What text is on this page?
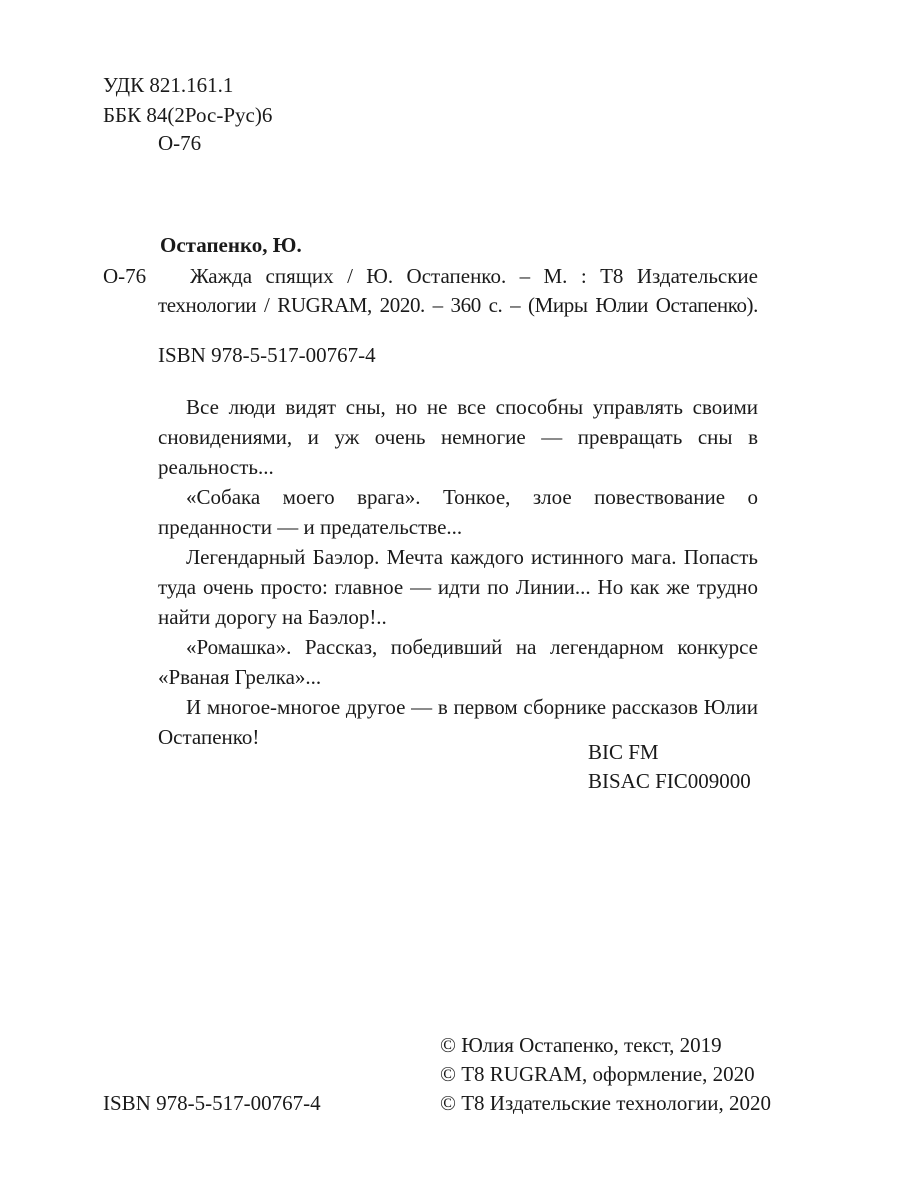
УДК 821.161.1
ББК 84(2Рос-Рус)6
О-76
Остапенко, Ю.
О-76 Жажда спящих / Ю. Остапенко. – М. : Т8 Издательские
технологии / RUGRAM, 2020. – 360 с. – (Миры Юлии Остапенко).
ISBN 978-5-517-00767-4

Все люди видят сны, но не все способны управлять своими сновидениями, и уж очень немногие — превращать сны в реальность...

«Собака моего врага». Тонкое, злое повествование о преданности — и предательстве...

Легендарный Баэлор. Мечта каждого истинного мага. Попасть туда очень просто: главное — идти по Линии... Но как же трудно найти дорогу на Баэлор!..

«Ромашка». Рассказ, победивший на легендарном конкурсе «Рваная Грелка»...

И многое-многое другое — в первом сборнике рассказов Юлии Остапенко!

BIC FM
BISAC FIC009000
© Юлия Остапенко, текст, 2019
© Т8 RUGRAM, оформление, 2020
© Т8 Издательские технологии, 2020
ISBN 978-5-517-00767-4
